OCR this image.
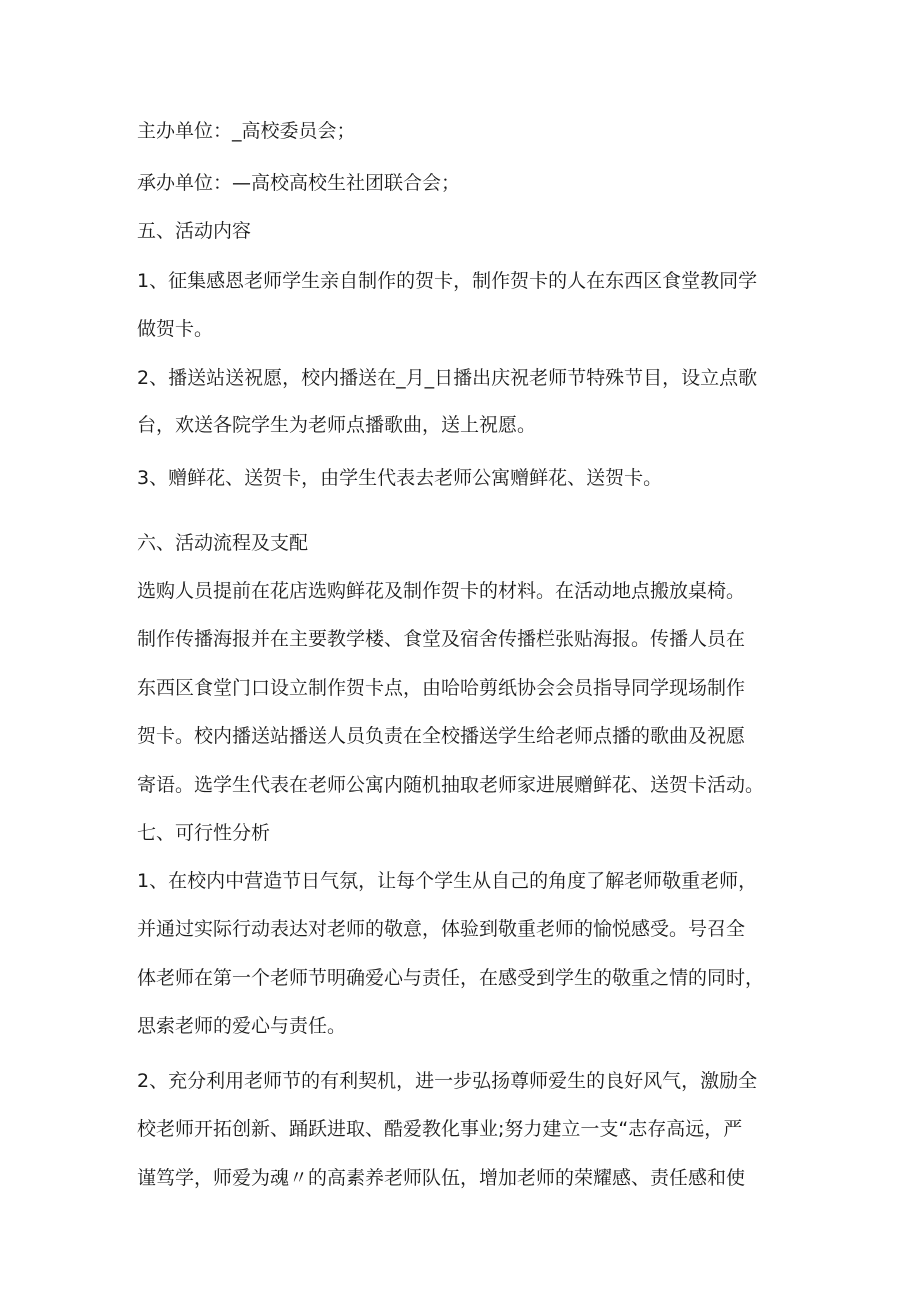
主办单位：_高校委员会；
承办单位：—高校高校生社团联合会；
五、活动内容
1、征集感恩老师学生亲自制作的贺卡，制作贺卡的人在东西区食堂教同学
做贺卡。
2、播送站送祝愿，校内播送在_月_日播出庆祝老师节特殊节目，设立点歌
台，欢送各院学生为老师点播歌曲，送上祝愿。
3、赠鲜花、送贺卡，由学生代表去老师公寓赠鲜花、送贺卡。
六、活动流程及支配
选购人员提前在花店选购鲜花及制作贺卡的材料。在活动地点搬放桌椅。
制作传播海报并在主要教学楼、食堂及宿舍传播栏张贴海报。传播人员在
东西区食堂门口设立制作贺卡点，由哈哈剪纸协会会员指导同学现场制作
贺卡。校内播送站播送人员负责在全校播送学生给老师点播的歌曲及祝愿
寄语。选学生代表在老师公寓内随机抽取老师家进展赠鲜花、送贺卡活动。
七、可行性分析
1、在校内中营造节日气氛，让每个学生从自己的角度了解老师敬重老师，
并通过实际行动表达对老师的敬意，体验到敬重老师的愉悦感受。号召全
体老师在第一个老师节明确爱心与责任，在感受到学生的敬重之情的同时，
思索老师的爱心与责任。
2、充分利用老师节的有利契机，进一步弘扬尊师爱生的良好风气，激励全
校老师开拓创新、踊跃进取、酷爱教化事业;努力建立一支“志存高远，严
谨笃学，师爱为魂〃的高素养老师队伍，增加老师的荣耀感、责任感和使
